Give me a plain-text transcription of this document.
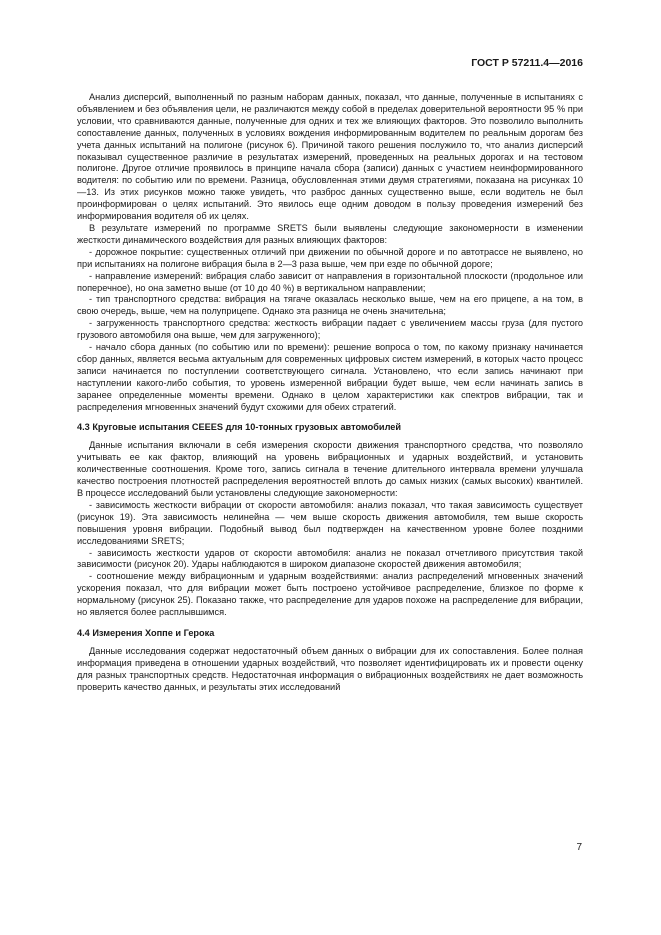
ГОСТ Р 57211.4—2016

Анализ дисперсий, выполненный по разным наборам данных, показал, что данные, полученные в испытаниях с объявлением и без объявления цели, не различаются между собой в пределах доверительной вероятности 95 % при условии, что сравниваются данные, полученные для одних и тех же влияющих факторов. Это позволило выполнить сопоставление данных, полученных в условиях вождения информированным водителем по реальным дорогам без учета данных испытаний на полигоне (рисунок 6). Причиной такого решения послужило то, что анализ дисперсий показывал существенное различие в результатах измерений, проведенных на реальных дорогах и на тестовом полигоне. Другое отличие проявилось в принципе начала сбора (записи) данных с участием неинформированного водителя: по событию или по времени. Разница, обусловленная этими двумя стратегиями, показана на рисунках 10—13. Из этих рисунков можно также увидеть, что разброс данных существенно выше, если водитель не был проинформирован о целях испытаний. Это явилось еще одним доводом в пользу проведения измерений без информирования водителя об их целях.

В результате измерений по программе SRETS были выявлены следующие закономерности в изменении жесткости динамического воздействия для разных влияющих факторов:

- дорожное покрытие: существенных отличий при движении по обычной дороге и по автотрассе не выявлено, но при испытаниях на полигоне вибрация была в 2—3 раза выше, чем при езде по обычной дороге;

- направление измерений: вибрация слабо зависит от направления в горизонтальной плоскости (продольное или поперечное), но она заметно выше (от 10 до 40 %) в вертикальном направлении;

- тип транспортного средства: вибрация на тягаче оказалась несколько выше, чем на его прицепе, а на том, в свою очередь, выше, чем на полуприцепе. Однако эта разница не очень значительна;

- загруженность транспортного средства: жесткость вибрации падает с увеличением массы груза (для пустого грузового автомобиля она выше, чем для загруженного);

- начало сбора данных (по событию или по времени): решение вопроса о том, по какому признаку начинается сбор данных, является весьма актуальным для современных цифровых систем измерений, в которых часто процесс записи начинается по поступлении соответствующего сигнала. Установлено, что если запись начинают при наступлении какого-либо события, то уровень измеренной вибрации будет выше, чем если начинать запись в заранее определенные моменты времени. Однако в целом характеристики как спектров вибрации, так и распределения мгновенных значений будут схожими для обеих стратегий.

4.3 Круговые испытания СЕЕES для 10-тонных грузовых автомобилей

Данные испытания включали в себя измерения скорости движения транспортного средства, что позволяло учитывать ее как фактор, влияющий на уровень вибрационных и ударных воздействий, и установить количественные соотношения. Кроме того, запись сигнала в течение длительного интервала времени улучшала качество построения плотностей распределения вероятностей вплоть до самых низких (самых высоких) квантилей. В процессе исследований были установлены следующие закономерности:

- зависимость жесткости вибрации от скорости автомобиля: анализ показал, что такая зависимость существует (рисунок 19). Эта зависимость нелинейна — чем выше скорость движения автомобиля, тем выше скорость повышения уровня вибрации. Подобный вывод был подтвержден на качественном уровне более поздними исследованиями SRETS;

- зависимость жесткости ударов от скорости автомобиля: анализ не показал отчетливого присутствия такой зависимости (рисунок 20). Удары наблюдаются в широком диапазоне скоростей движения автомобиля;

- соотношение между вибрационным и ударным воздействиями: анализ распределений мгновенных значений ускорения показал, что для вибрации может быть построено устойчивое распределение, близкое по форме к нормальному (рисунок 25). Показано также, что распределение для ударов похоже на распределение для вибрации, но является более расплывшимся.

4.4 Измерения Хоппе и Герока

Данные исследования содержат недостаточный объем данных о вибрации для их сопоставления. Более полная информация приведена в отношении ударных воздействий, что позволяет идентифицировать их и провести оценку для разных транспортных средств. Недостаточная информация о вибрационных воздействиях не дает возможность проверить качество данных, и результаты этих исследований

7
